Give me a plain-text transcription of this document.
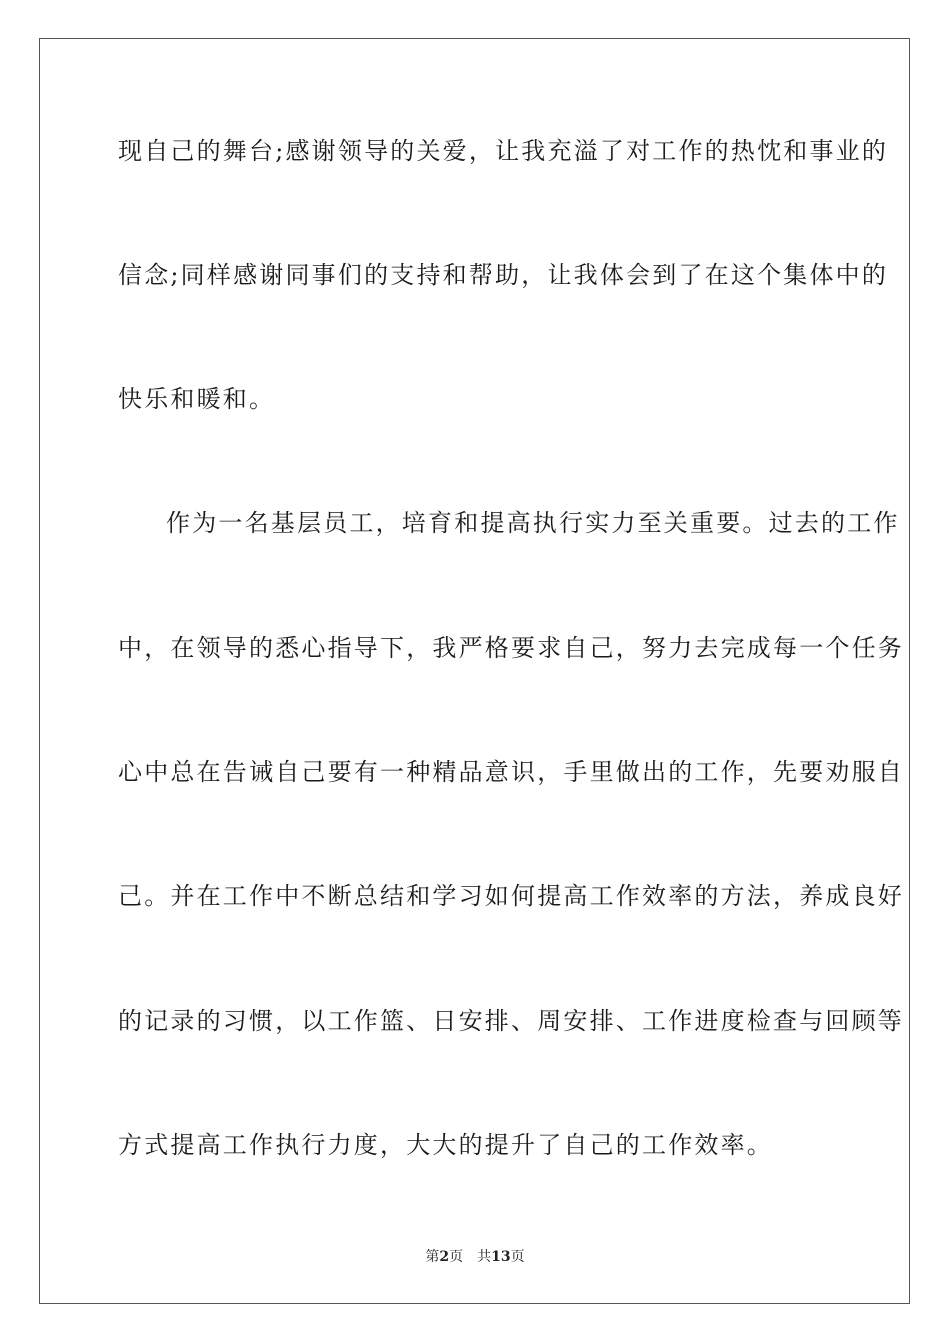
现自己的舞台;感谢领导的关爱，让我充溢了对工作的热忱和事业的
信念;同样感谢同事们的支持和帮助，让我体会到了在这个集体中的
快乐和暖和。
作为一名基层员工，培育和提高执行实力至关重要。过去的工作
中，在领导的悉心指导下，我严格要求自己，努力去完成每一个任务
心中总在告诫自己要有一种精品意识，手里做出的工作，先要劝服自
己。并在工作中不断总结和学习如何提高工作效率的方法，养成良好
的记录的习惯，以工作篮、日安排、周安排、工作进度检查与回顾等
方式提高工作执行力度，大大的提升了自己的工作效率。
第2页 共13页
